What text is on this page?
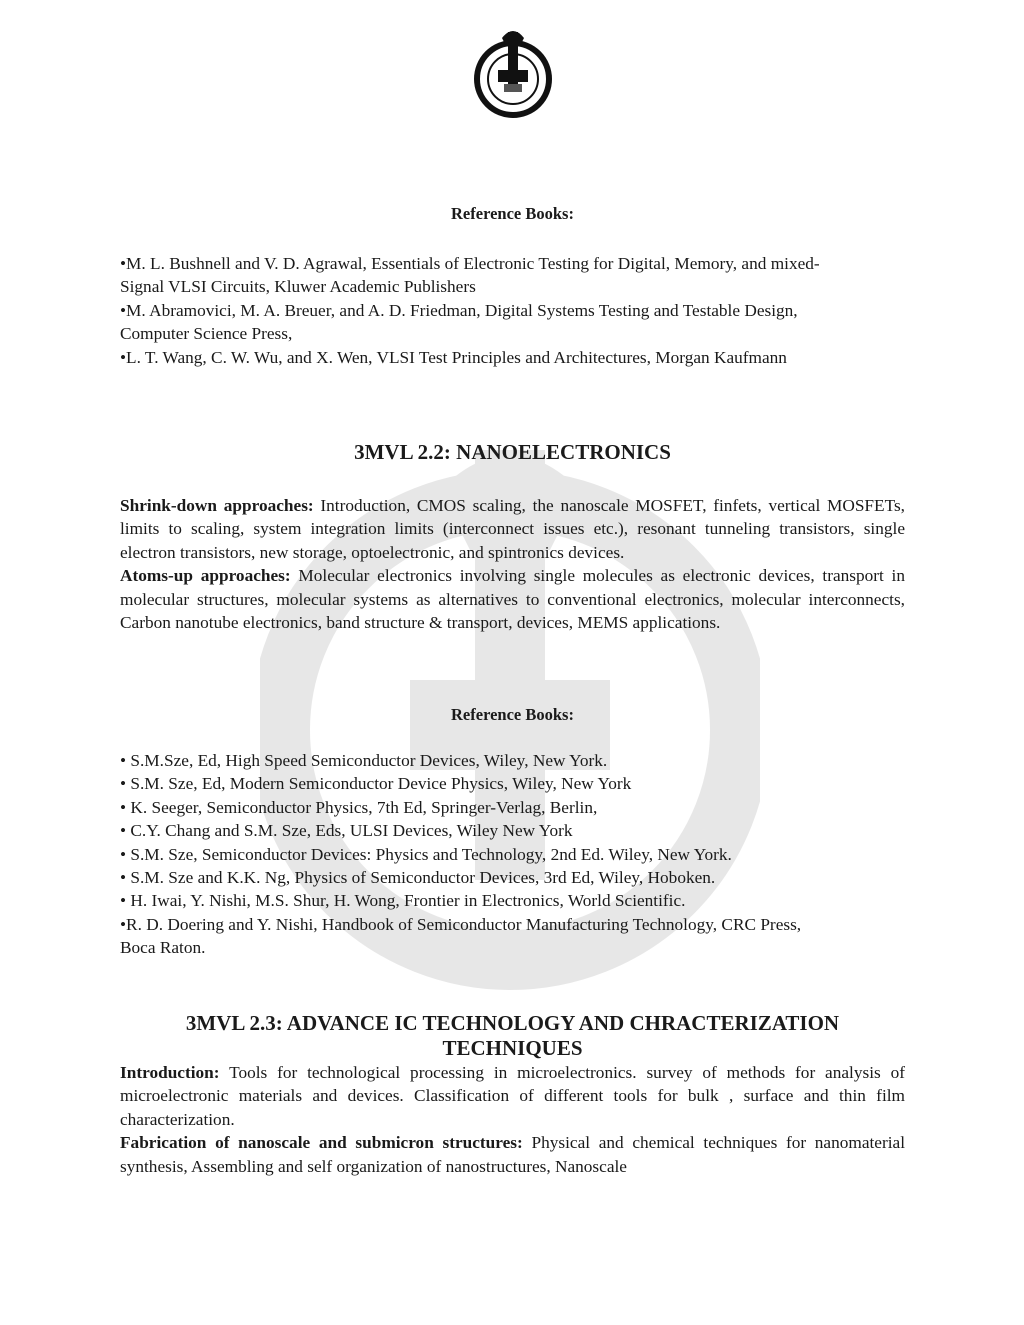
Reference Books:

•M. L. Bushnell and V. D. Agrawal, Essentials of Electronic Testing for Digital, Memory, and mixed-

Signal VLSI Circuits, Kluwer Academic Publishers

•M. Abramovici, M. A. Breuer, and A. D. Friedman, Digital Systems Testing and Testable Design,

Computer Science Press,

•L. T. Wang, C. W. Wu, and X. Wen, VLSI Test Principles and Architectures, Morgan Kaufmann

3MVL 2.2: NANOELECTRONICS

Shrink-down approaches: Introduction, CMOS scaling, the nanoscale MOSFET, finfets, vertical MOSFETs, limits to scaling, system integration limits (interconnect issues etc.), resonant tunneling transistors, single electron transistors, new storage, optoelectronic, and spintronics devices.

Atoms-up approaches: Molecular electronics involving single molecules as electronic devices, transport in molecular structures, molecular systems as alternatives to conventional electronics, molecular interconnects, Carbon nanotube electronics, band structure & transport, devices, MEMS applications.

Reference Books:

• S.M.Sze, Ed, High Speed Semiconductor Devices, Wiley, New York.

• S.M. Sze, Ed, Modern Semiconductor Device Physics, Wiley, New York

• K. Seeger, Semiconductor Physics, 7th Ed, Springer-Verlag, Berlin,

• C.Y. Chang and S.M. Sze, Eds, ULSI Devices, Wiley New York

• S.M. Sze, Semiconductor Devices: Physics and Technology, 2nd Ed. Wiley, New York.

• S.M. Sze and K.K. Ng, Physics of Semiconductor Devices, 3rd Ed, Wiley, Hoboken.

• H. Iwai, Y. Nishi, M.S. Shur, H. Wong, Frontier in Electronics, World Scientific.

•R. D. Doering and Y. Nishi, Handbook of Semiconductor Manufacturing Technology, CRC Press,

Boca Raton.

3MVL 2.3: ADVANCE IC TECHNOLOGY AND CHRACTERIZATION

TECHNIQUES

Introduction: Tools for technological processing in microelectronics. survey of methods for analysis of microelectronic materials and devices. Classification of different tools for bulk , surface and thin film characterization.

Fabrication of nanoscale and submicron structures: Physical and chemical techniques for nanomaterial synthesis, Assembling and self organization of nanostructures, Nanoscale
